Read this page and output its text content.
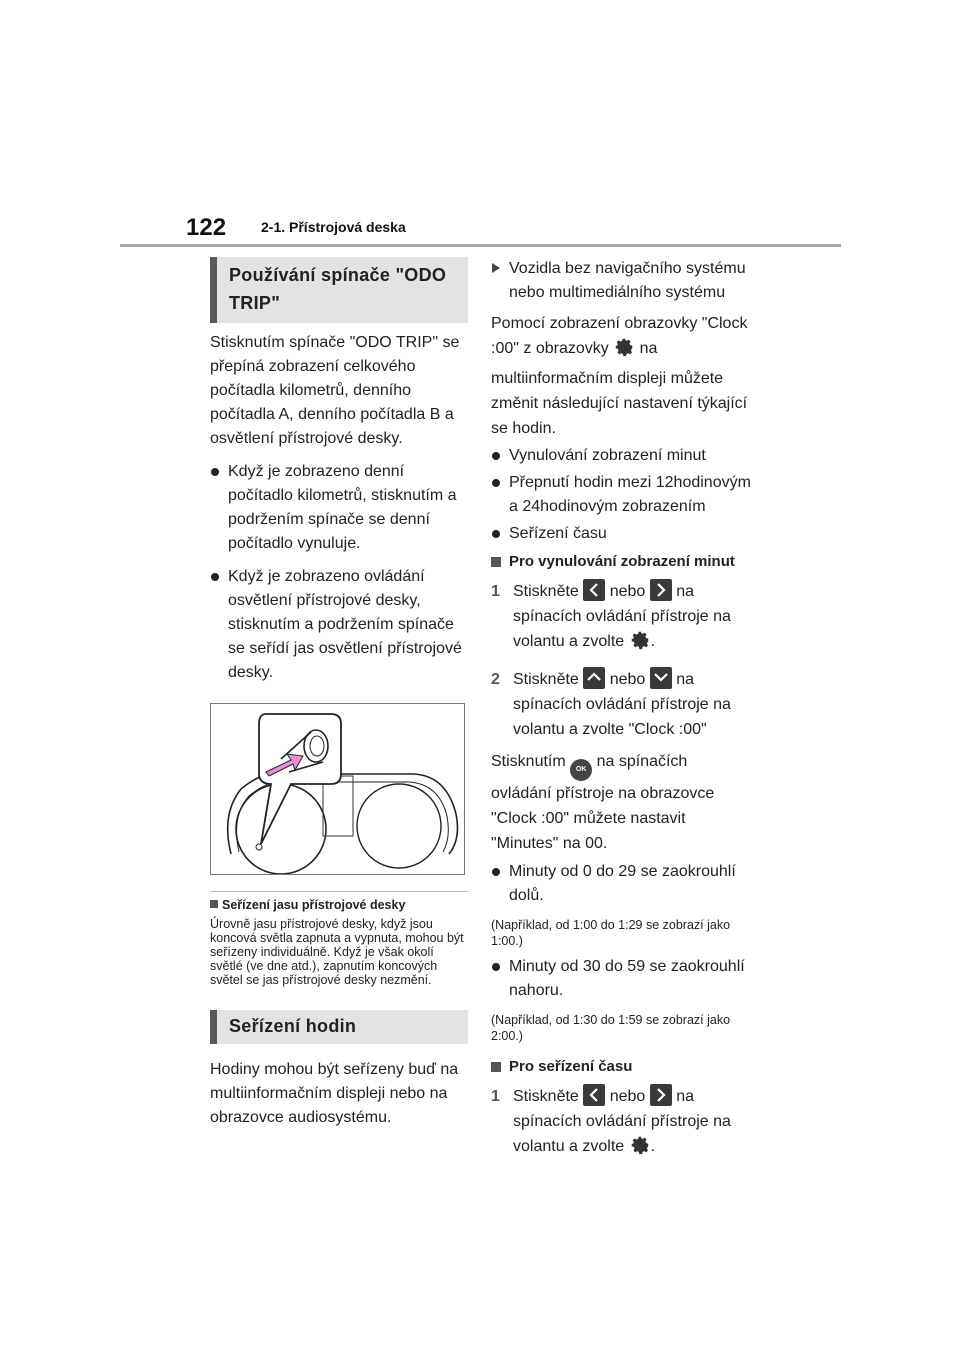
122 2-1. Přístrojová deska
Používání spínače "ODO TRIP"

Stisknutím spínače "ODO TRIP" se přepíná zobrazení celkového počítadla kilometrů, denního počítadla A, denního počítadla B a osvětlení přístrojové desky.

Když je zobrazeno denní počítadlo kilometrů, stisknutím a podržením spínače se denní počítadlo vynuluje.
Když je zobrazeno ovládání osvětlení přístrojové desky, stisknutím a podržením spínače se seřídí jas osvětlení přístrojové desky.
Seřízení jasu přístrojové desky

Úrovně jasu přístrojové desky, když jsou koncová světla zapnuta a vypnuta, mohou být seřízeny individuálně. Když je však okolí světlé (ve dne atd.), zapnutím koncových světel se jas přístrojové desky nezmění.

Seřízení hodin

Hodiny mohou být seřízeny buď na multiinformačním displeji nebo na obrazovce audiosystému.

Vozidla bez navigačního systému nebo multimediálního systému

Pomocí zobrazení obrazovky "Clock :00" z obrazovky na multiinformačním displeji můžete změnit následující nastavení týkající se hodin.

Vynulování zobrazení minut
Přepnutí hodin mezi 12hodinovým a 24hodinovým zobrazením
Seřízení času
Pro vynulování zobrazení minut
1 Stiskněte nebo na spínacích ovládání přístroje na volantu a zvolte .
2 Stiskněte nebo na spínacích ovládání přístroje na volantu a zvolte "Clock :00"

Stisknutím OK na spínačích ovládání přístroje na obrazovce "Clock :00" můžete nastavit "Minutes" na 00.

Minuty od 0 do 29 se zaokrouhlí dolů.

(Například, od 1:00 do 1:29 se zobrazí jako 1:00.)

Minuty od 30 do 59 se zaokrouhlí nahoru.

(Například, od 1:30 do 1:59 se zobrazí jako 2:00.)

Pro seřízení času
1 Stiskněte nebo na spínacích ovládání přístroje na volantu a zvolte .
